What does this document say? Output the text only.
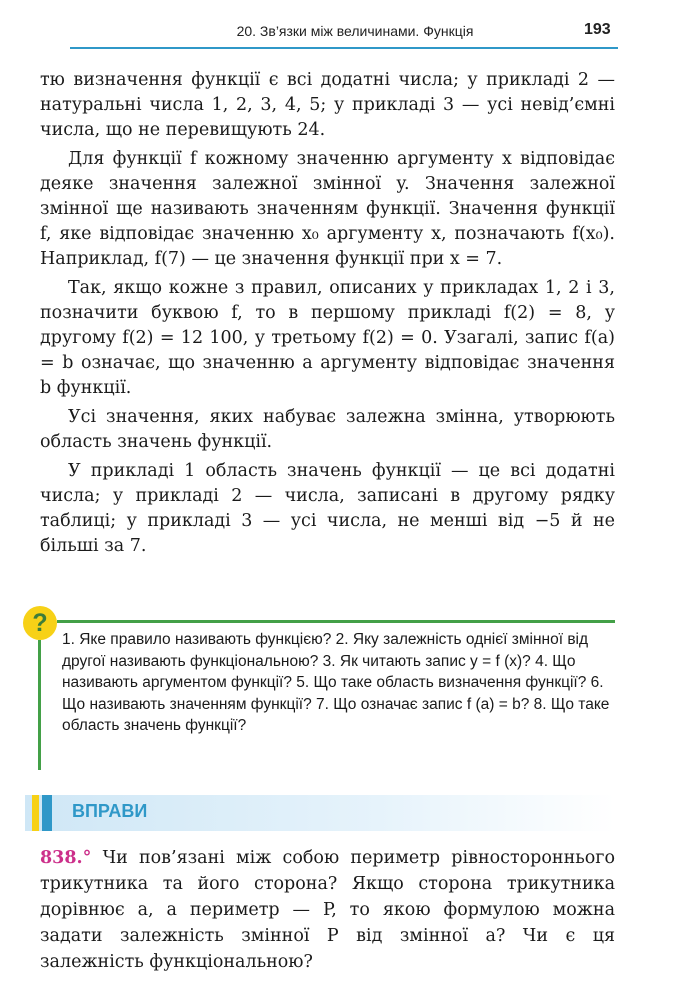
20. Зв’язки між величинами. Функція	193

тю визначення функції є всі додатні числа; у прикладі 2 — натуральні числа 1, 2, 3, 4, 5; у прикладі 3 — усі невід’ємні числа, що не перевищують 24.

Для функції f кожному значенню аргументу x відповідає деяке значення залежної змінної y. Значення залежної змінної ще називають значенням функції. Значення функції f, яке відповідає значенню x₀ аргументу x, позначають f(x₀). Наприклад, f(7) — це значення функції при x = 7.

Так, якщо кожне з правил, описаних у прикладах 1, 2 і 3, позначити буквою f, то в першому прикладі f(2) = 8, у другому f(2) = 12 100, у третьому f(2) = 0. Узагалі, запис f(a) = b означає, що значенню a аргументу відповідає значення b функції.

Усі значення, яких набуває залежна змінна, утворюють область значень функції.

У прикладі 1 область значень функції — це всі додатні числа; у прикладі 2 — числа, записані в другому рядку таблиці; у прикладі 3 — усі числа, не менші від −5 й не більші за 7.

?
1. Яке правило називають функцією? 2. Яку залежність однієї змінної від другої називають функціональною? 3. Як читають запис y = f (x)? 4. Що називають аргументом функції? 5. Що таке область визначення функції? 6. Що називають значенням функції? 7. Що означає запис f (a) = b? 8. Що таке область значень функції?
ВПРАВИ
838.° Чи пов’язані між собою периметр рівностороннього трикутника та його сторона? Якщо сторона трикутника дорівнює a, а периметр — P, то якою формулою можна задати залежність змінної P від змінної a? Чи є ця залежність функціональною?
